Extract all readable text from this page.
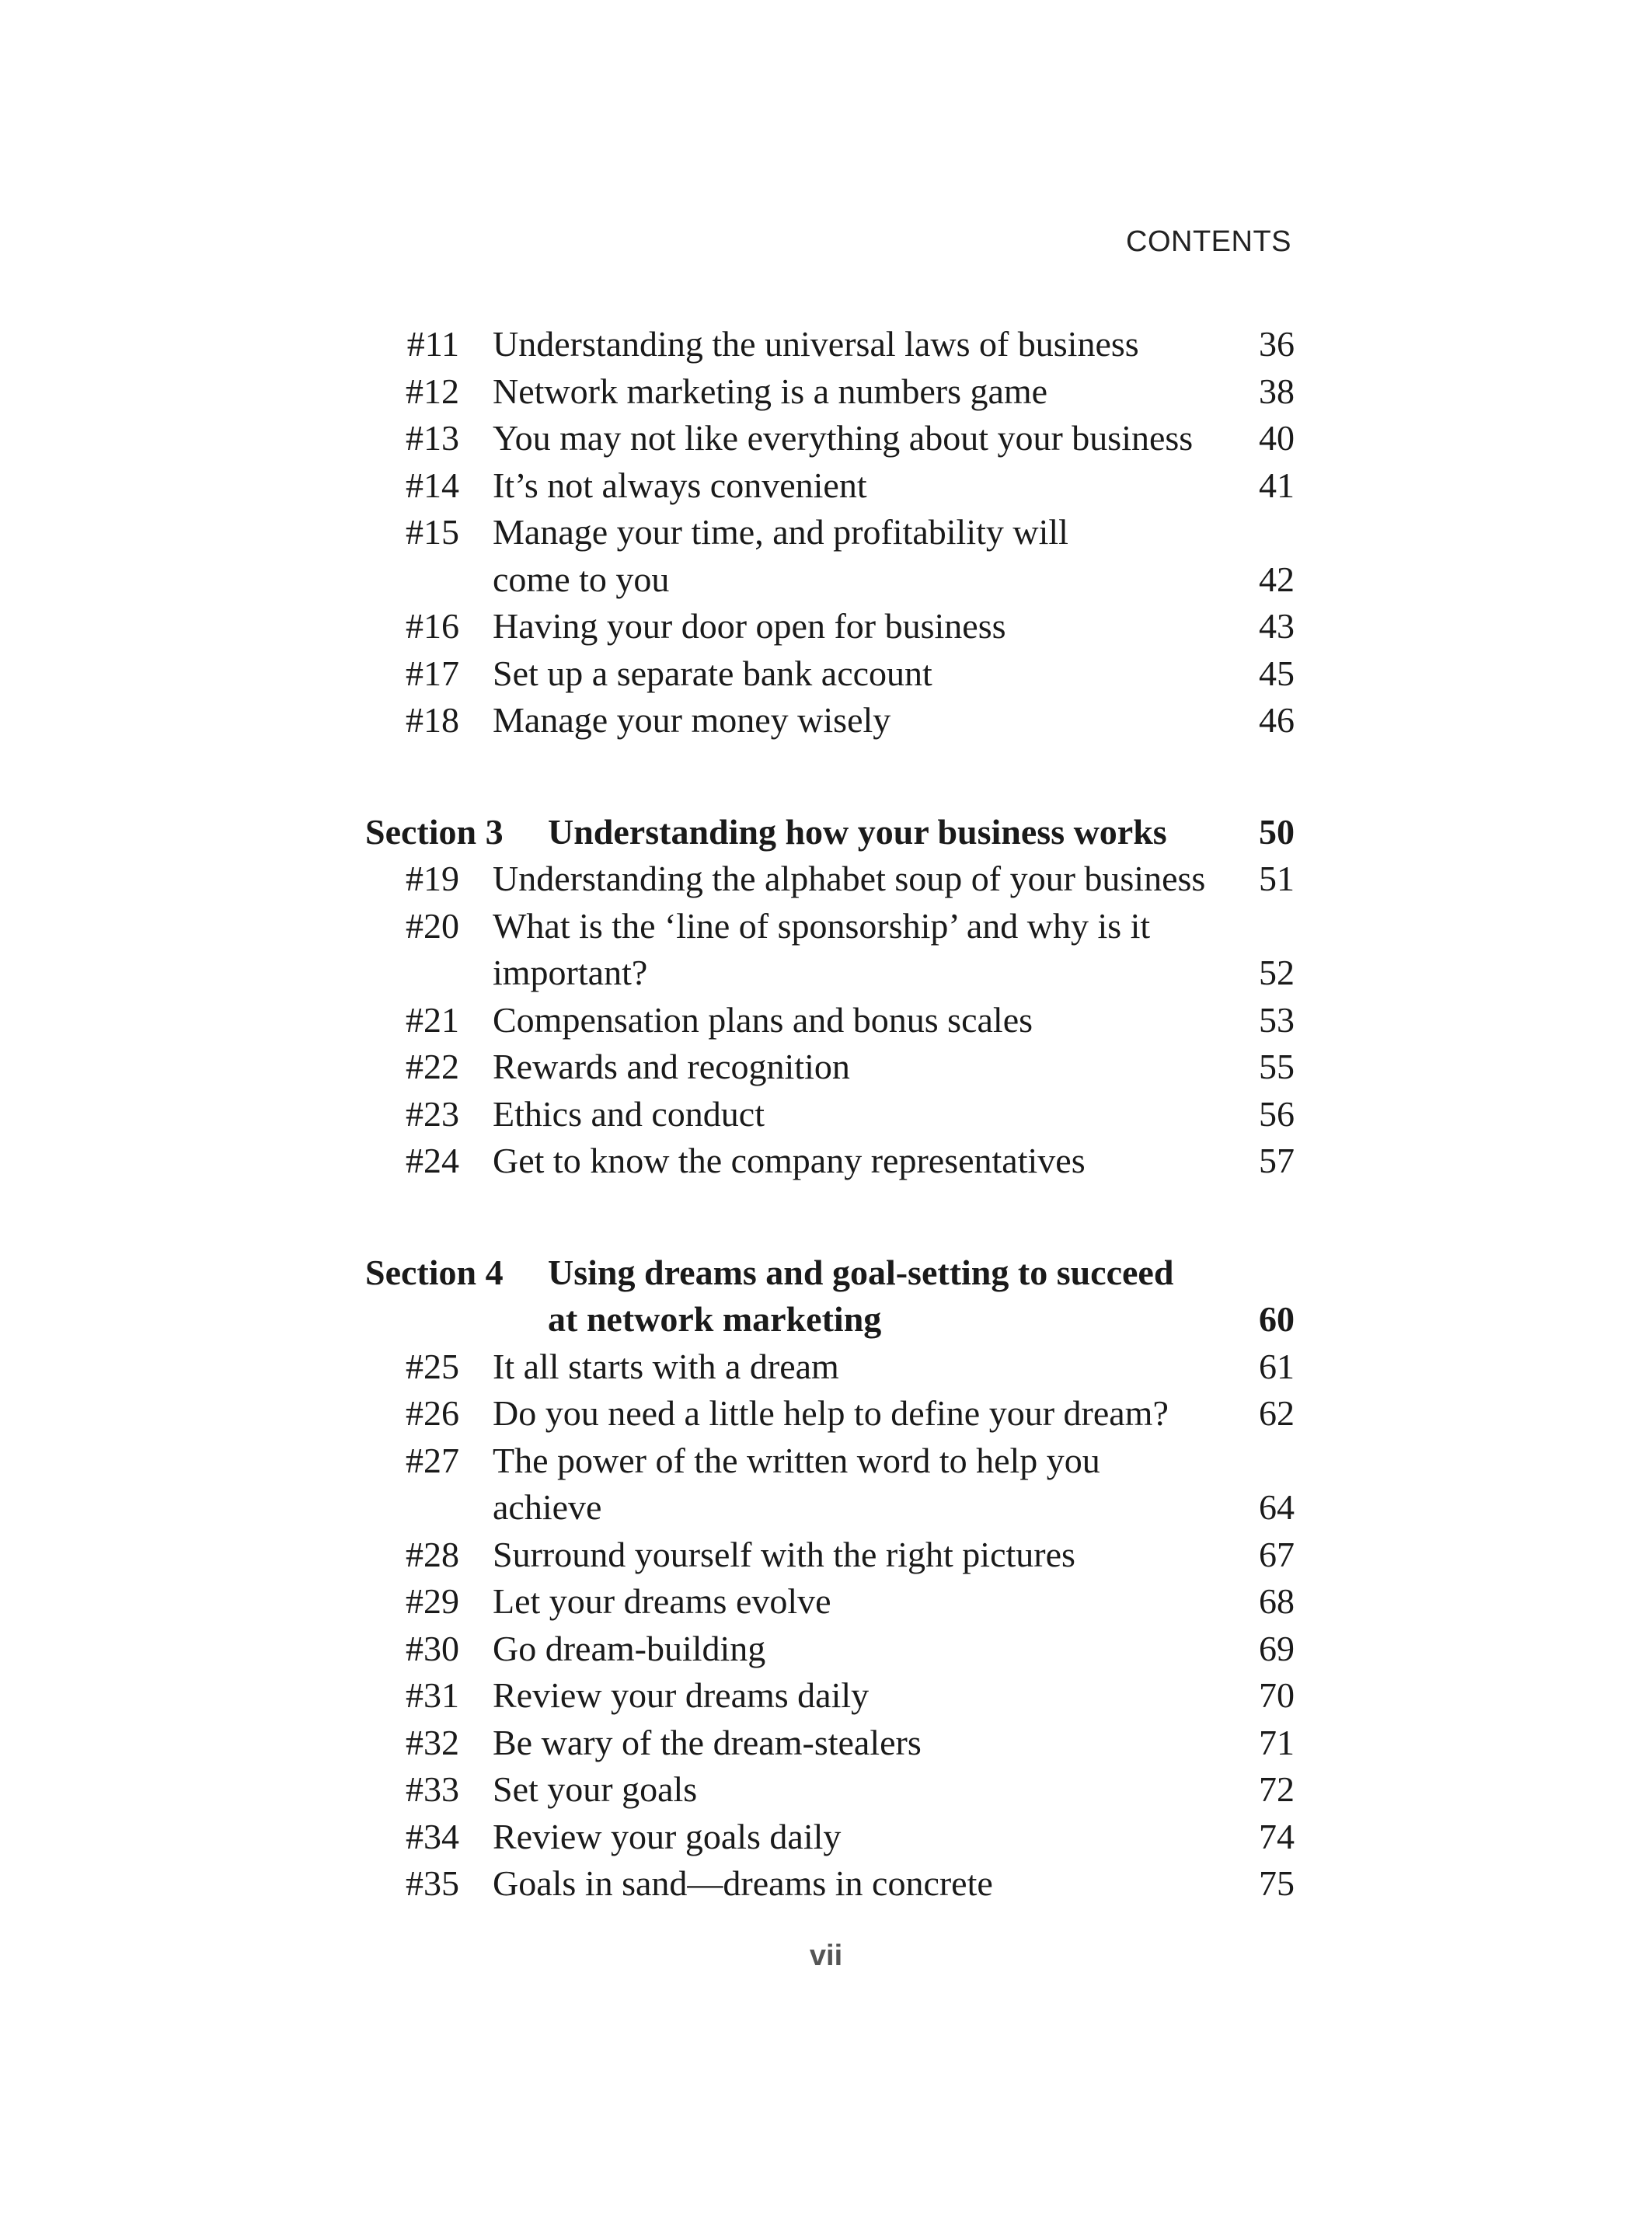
CONTENTS
#11 Understanding the universal laws of business	36
#12 Network marketing is a numbers game	38
#13 You may not like everything about your business 40
#14 It’s not always convenient	41
#15 Manage your time, and profitability will
come to you	42
#16 Having your door open for business	43
#17 Set up a separate bank account	45
#18 Manage your money wisely	46
Section 3 Understanding how your business works	50
#19 Understanding the alphabet soup of your business 51
#20 What is the ‘line of sponsorship’ and why is it
important?	52
#21 Compensation plans and bonus scales	53
#22 Rewards and recognition	55
#23 Ethics and conduct	56
#24 Get to know the company representatives	57
Section 4 Using dreams and goal-setting to succeed
at network marketing	60
#25 It all starts with a dream	61
#26 Do you need a little help to define your dream?	62
#27 The power of the written word to help you
achieve	64
#28 Surround yourself with the right pictures	67
#29 Let your dreams evolve	68
#30 Go dream-building	69
#31 Review your dreams daily	70
#32 Be wary of the dream-stealers	71
#33 Set your goals	72
#34 Review your goals daily	74
#35 Goals in sand—dreams in concrete	75
vii
